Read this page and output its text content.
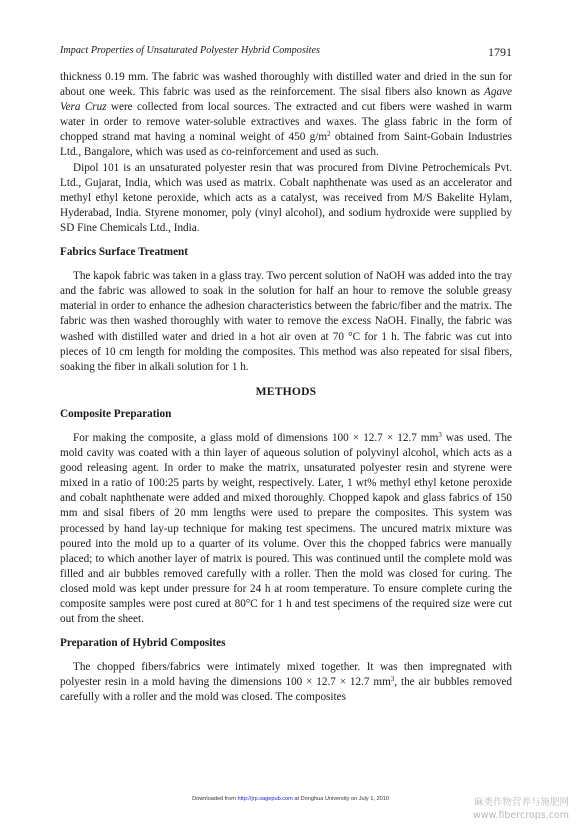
Impact Properties of Unsaturated Polyester Hybrid Composites	1791

thickness 0.19 mm. The fabric was washed thoroughly with distilled water and dried in the sun for about one week. This fabric was used as the reinforcement. The sisal fibers also known as Agave Vera Cruz were collected from local sources. The extracted and cut fibers were washed in warm water in order to remove water-soluble extractives and waxes. The glass fabric in the form of chopped strand mat having a nominal weight of 450 $g/m^2$ obtained from Saint-Gobain Industries Ltd., Bangalore, which was used as co-reinforcement and used as such.

Dipol 101 is an unsaturated polyester resin that was procured from Divine Petrochemicals Pvt. Ltd., Gujarat, India, which was used as matrix. Cobalt naphthenate was used as an accelerator and methyl ethyl ketone peroxide, which acts as a catalyst, was received from M/S Bakelite Hylam, Hyderabad, India. Styrene monomer, poly (vinyl alcohol), and sodium hydroxide were supplied by SD Fine Chemicals Ltd., India.

Fabrics Surface Treatment

The kapok fabric was taken in a glass tray. Two percent solution of NaOH was added into the tray and the fabric was allowed to soak in the solution for half an hour to remove the soluble greasy material in order to enhance the adhesion characteristics between the fabric/fiber and the matrix. The fabric was then washed thoroughly with water to remove the excess NaOH. Finally, the fabric was washed with distilled water and dried in a hot air oven at 70 °C for 1 h. The fabric was cut into pieces of 10 cm length for molding the composites. This method was also repeated for sisal fibers, soaking the fiber in alkali solution for 1 h.

METHODS
Composite Preparation

For making the composite, a glass mold of dimensions 100 × 12.7 × 12.7 $mm^3$ was used. The mold cavity was coated with a thin layer of aqueous solution of polyvinyl alcohol, which acts as a good releasing agent. In order to make the matrix, unsaturated polyester resin and styrene were mixed in a ratio of 100:25 parts by weight, respectively. Later, 1 wt% methyl ethyl ketone peroxide and cobalt naphthenate were added and mixed thoroughly. Chopped kapok and glass fabrics of 150 mm and sisal fibers of 20 mm lengths were used to prepare the composites. This system was processed by hand lay-up technique for making test specimens. The uncured matrix mixture was poured into the mold up to a quarter of its volume. Over this the chopped fabrics were manually placed; to which another layer of matrix is poured. This was continued until the complete mold was filled and air bubbles removed carefully with a roller. Then the mold was closed for curing. The closed mold was kept under pressure for 24 h at room temperature. To ensure complete curing the composite samples were post cured at 80°C for 1 h and test specimens of the required size were cut out from the sheet.

Preparation of Hybrid Composites

The chopped fibers/fabrics were intimately mixed together. It was then impregnated with polyester resin in a mold having the dimensions 100 × 12.7 × 12.7 $mm^3$, the air bubbles removed carefully with a roller and the mold was closed. The composites

Downloaded from http://jrp.sagepub.com at Donghua University on July 1, 2010	麻类作物营养与施肥网
www.fibercrops.com
